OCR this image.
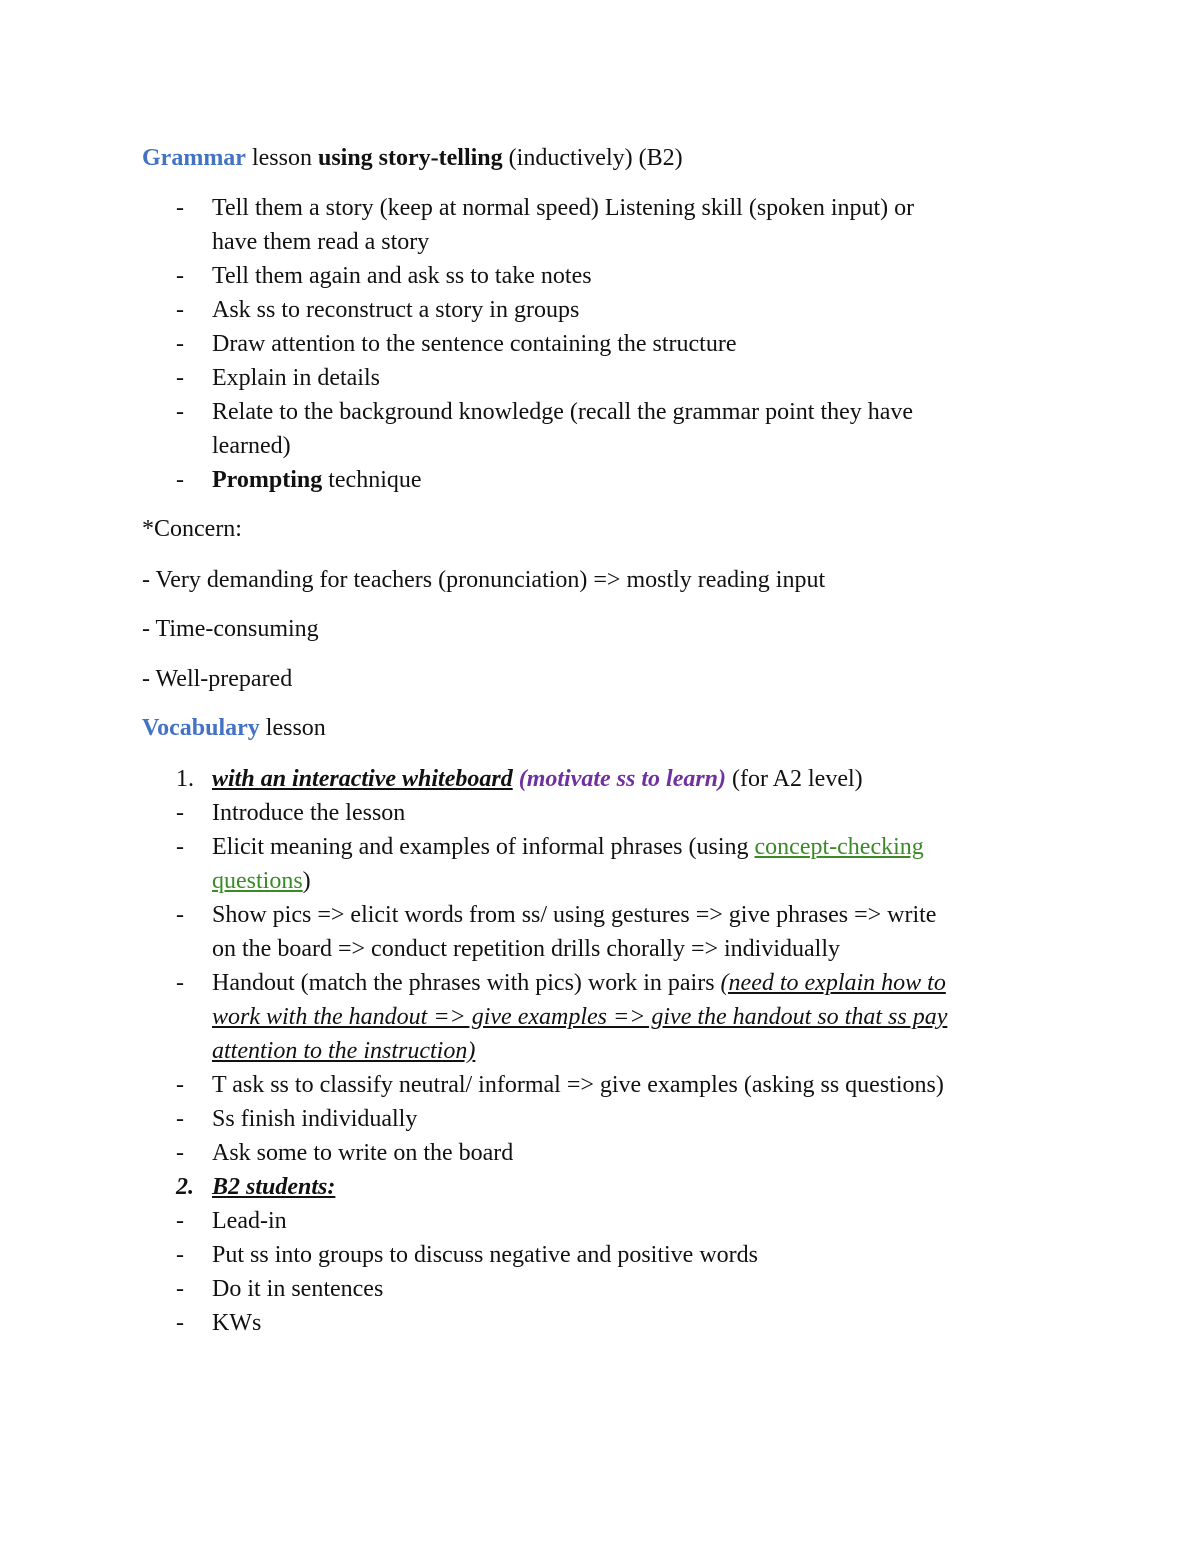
Grammar lesson using story-telling (inductively) (B2)
- Tell them a story (keep at normal speed) Listening skill (spoken input) or
have them read a story
- Tell them again and ask ss to take notes
- Ask ss to reconstruct a story in groups
- Draw attention to the sentence containing the structure
- Explain in details
- Relate to the background knowledge (recall the grammar point they have
learned)
- Prompting technique
*Concern:
- Very demanding for teachers (pronunciation) => mostly reading input
- Time-consuming
- Well-prepared
Vocabulary lesson
1. with an interactive whiteboard (motivate ss to learn) (for A2 level)
- Introduce the lesson
- Elicit meaning and examples of informal phrases (using concept-checking
questions)
- Show pics => elicit words from ss/ using gestures => give phrases => write
on the board => conduct repetition drills chorally => individually
- Handout (match the phrases with pics) work in pairs (need to explain how to
work with the handout => give examples => give the handout so that ss pay
attention to the instruction)
- T ask ss to classify neutral/ informal => give examples (asking ss questions)
- Ss finish individually
- Ask some to write on the board
2. B2 students:
- Lead-in
- Put ss into groups to discuss negative and positive words
- Do it in sentences
- KWs
